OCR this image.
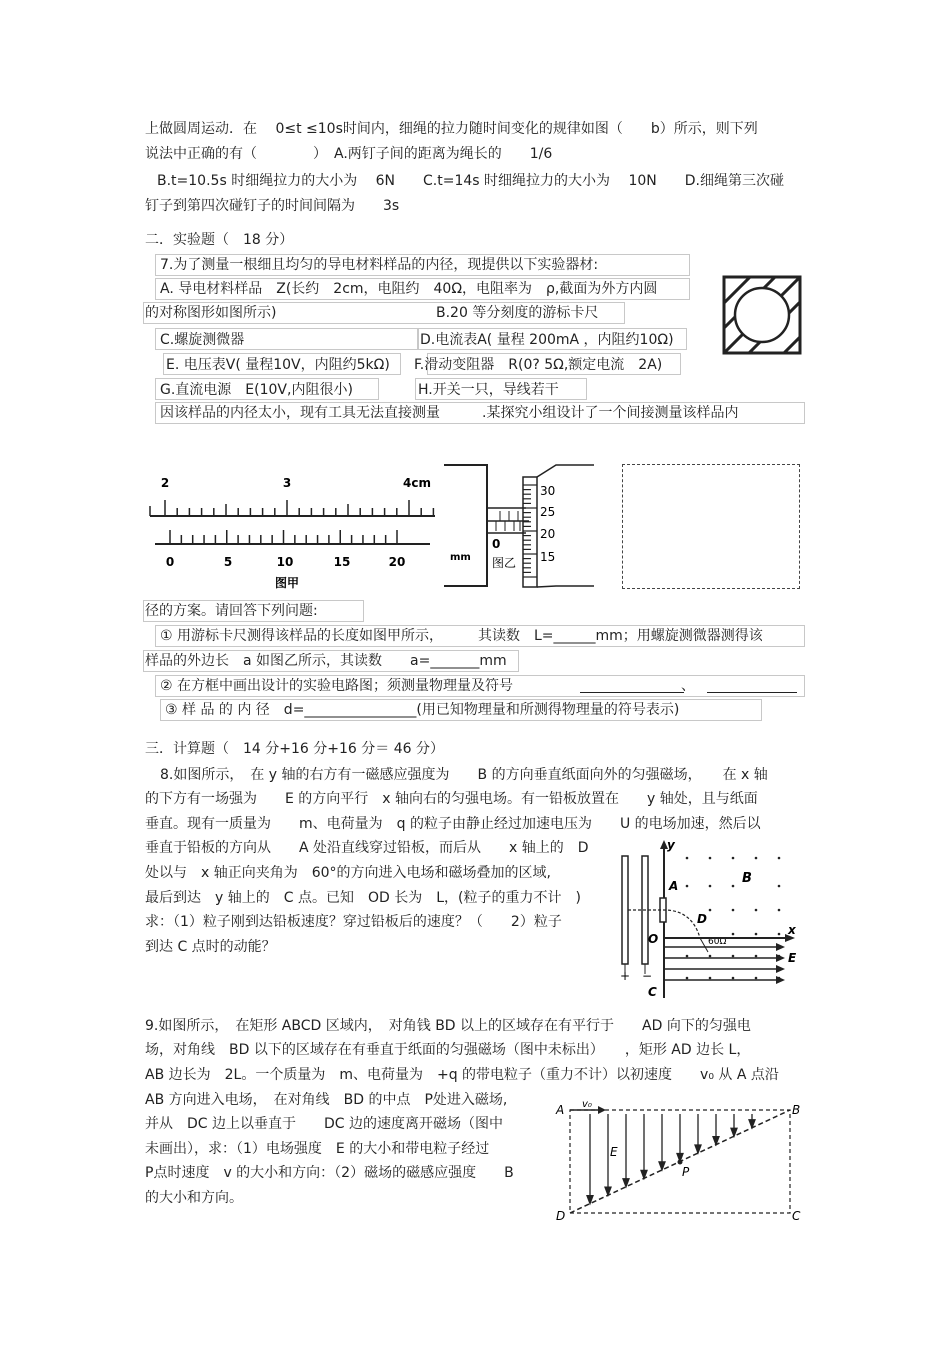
上做圆周运动．在　 0≤t ≤10s时间内，细绳的拉力随时间变化的规律如图（　　b）所示，则下列
说法中正确的有（　　　　）　A.两钉子间的距离为绳长的　　1/6
B.t=10.5s 时细绳拉力的大小为　 6N　　C.t=14s 时细绳拉力的大小为　 10N　　D.细绳第三次碰
钉子到第四次碰钉子的时间间隔为　　3s
二．实验题（　18 分）
7.为了测量一根细且均匀的导电材料样品的内径，现提供以下实验器材:
A. 导电材料样品　Z(长约　2cm，电阻约　40Ω，电阻率为　ρ,截面为外方内圆
的对称图形如图所示)	B.20 等分刻度的游标卡尺
C.螺旋测微器	D.电流表A( 量程 200mA ，内阻约10Ω)
E. 电压表V( 量程10V，内阻约5kΩ) F.滑动变阻器　R(0? 5Ω,额定电流　2A)
G.直流电源　E(10V,内阻很小)	H.开关一只，导线若干
因该样品的内径太小，现有工具无法直接测量　　　.某探究小组设计了一个间接测量该样品内
2	3	4cm
0	5	10	15	20
图甲
30
25
20
15
0
mm 图乙
径的方案。请回答下列问题:
① 用游标卡尺测得该样品的长度如图甲所示，　　　其读数　L=______mm；用螺旋测微器测得该
样品的外边长　a 如图乙所示，其读数　　a=_______mm
② 在方框中画出设计的实验电路图；须测量物理量及符号　　　　　　　　　　　　、
③ 样 品 的 内 径　d=________________(用已知物理量和所测得物理量的符号表示)
三．计算题（　14 分+16 分+16 分＝ 46 分）
8.如图所示，　在 y 轴的右方有一磁感应强度为　　B 的方向垂直纸面向外的匀强磁场，　　在 x 轴
的下方有一场强为　　E 的方向平行　x 轴向右的匀强电场。有一铅板放置在　　y 轴处，且与纸面
垂直。现有一质量为　　m、电荷量为　q 的粒子由静止经过加速电压为　　U 的电场加速，然后以
垂直于铅板的方向从　　A 处沿直线穿过铅板，而后从　　x 轴上的　D
处以与　x 轴正向夹角为　60°的方向进入电场和磁场叠加的区域,
最后到达　y 轴上的　C 点。已知　OD 长为　L，(粒子的重力不计　)
求：（1）粒子刚到达铅板速度？穿过铅板后的速度？（　　2）粒子
到达 C 点时的动能？
+ −
y
A	B
D
60Ω
x
O
E
C
9.如图所示，　在矩形 ABCD 区域内，　对角钱 BD 以上的区域存在有平行于　　AD 向下的匀强电
场，对角线　BD 以下的区域存在有垂直于纸面的匀强磁场（图中未标出）　　，矩形 AD 边长 L，
AB 边长为　2L。一个质量为　m、电荷量为　+q 的带电粒子（重力不计）以初速度　　v₀ 从 A 点沿
AB 方向进入电场，　在对角线　BD 的中点　P处进入磁场,
并从　DC 边上以垂直于　　DC 边的速度离开磁场（图中
未画出），求：（1）电场强度　E 的大小和带电粒子经过
P点时速度　v 的大小和方向：（2）磁场的磁感应强度　　B
的大小和方向。
v₀
P
E
A	B
D	C
